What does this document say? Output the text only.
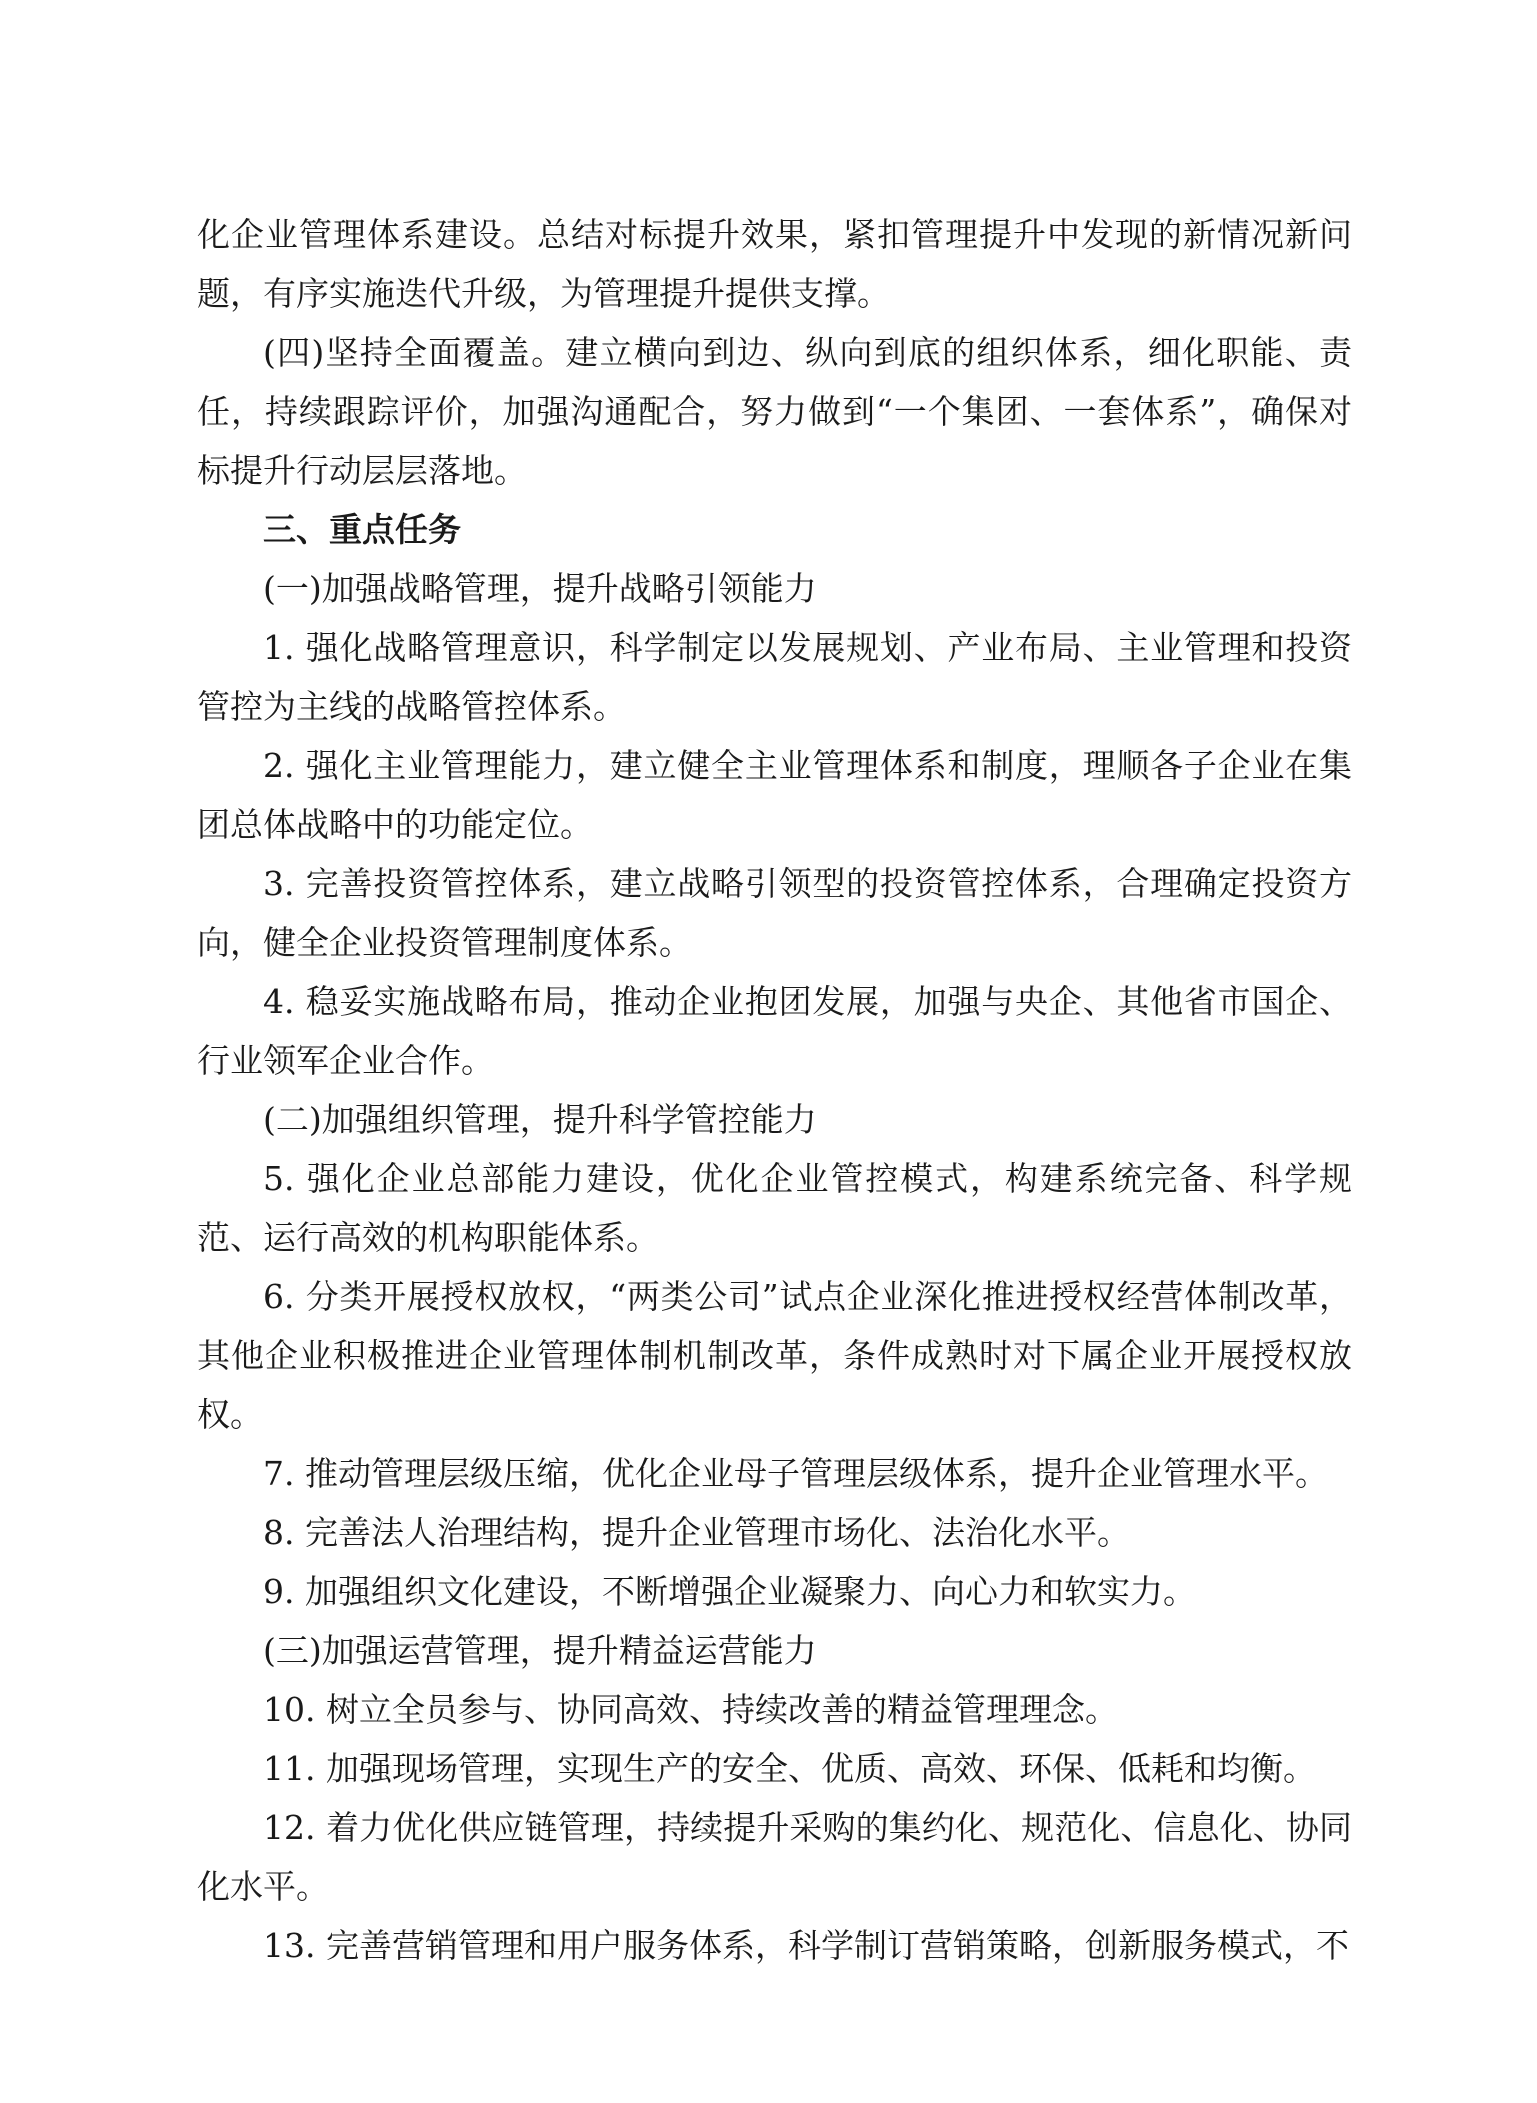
化企业管理体系建设。总结对标提升效果，紧扣管理提升中发现的新情况新问题，有序实施迭代升级，为管理提升提供支撑。

(四)坚持全面覆盖。建立横向到边、纵向到底的组织体系，细化职能、责任，持续跟踪评价，加强沟通配合，努力做到“一个集团、一套体系”，确保对标提升行动层层落地。

三、重点任务

(一)加强战略管理，提升战略引领能力

1. 强化战略管理意识，科学制定以发展规划、产业布局、主业管理和投资管控为主线的战略管控体系。

2. 强化主业管理能力，建立健全主业管理体系和制度，理顺各子企业在集团总体战略中的功能定位。

3. 完善投资管控体系，建立战略引领型的投资管控体系，合理确定投资方向，健全企业投资管理制度体系。

4. 稳妥实施战略布局，推动企业抱团发展，加强与央企、其他省市国企、行业领军企业合作。

(二)加强组织管理，提升科学管控能力

5. 强化企业总部能力建设，优化企业管控模式，构建系统完备、科学规范、运行高效的机构职能体系。

6. 分类开展授权放权，“两类公司”试点企业深化推进授权经营体制改革，其他企业积极推进企业管理体制机制改革，条件成熟时对下属企业开展授权放权。

7. 推动管理层级压缩，优化企业母子管理层级体系，提升企业管理水平。

8. 完善法人治理结构，提升企业管理市场化、法治化水平。

9. 加强组织文化建设，不断增强企业凝聚力、向心力和软实力。

(三)加强运营管理，提升精益运营能力

10. 树立全员参与、协同高效、持续改善的精益管理理念。

11. 加强现场管理，实现生产的安全、优质、高效、环保、低耗和均衡。

12. 着力优化供应链管理，持续提升采购的集约化、规范化、信息化、协同化水平。

13. 完善营销管理和用户服务体系，科学制订营销策略，创新服务模式，不
